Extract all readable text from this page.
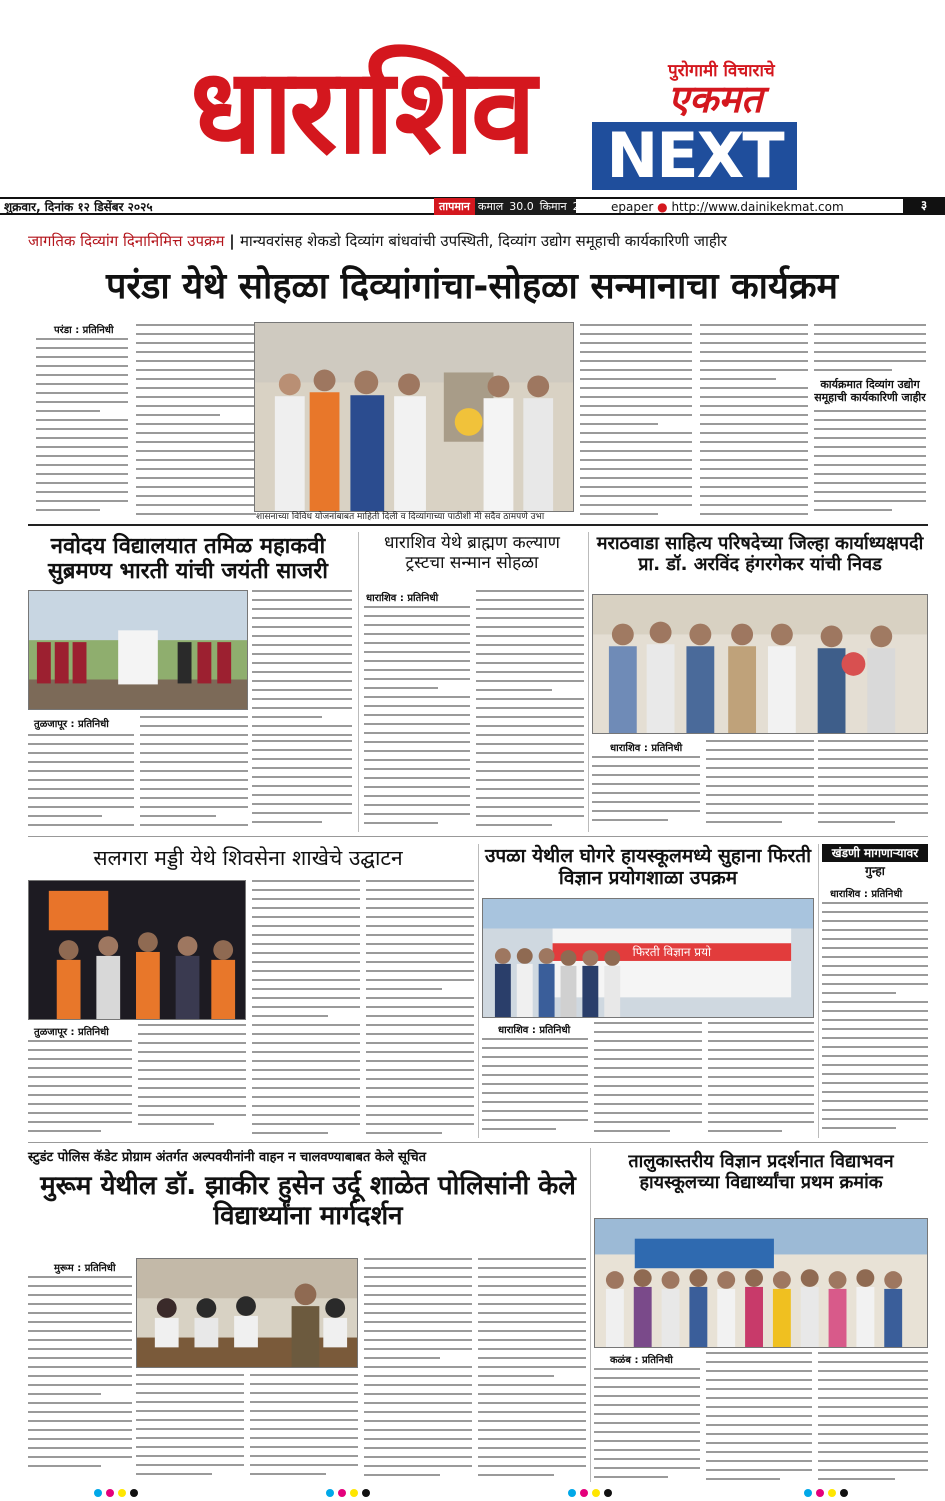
धाराशिव	पुरोगामी विचाराचे
एकमत
NEXT
शुक्रवार, दिनांक १२ डिसेंबर २०२५	तापमान कमाल 30.0 किमान 28.0 epaper ● http://www.dainikekmat.com	३
जागतिक दिव्यांग दिनानिमित्त उपक्रम | मान्यवरांसह शेकडो दिव्यांग बांधवांची उपस्थिती, दिव्यांग उद्योग समूहाची कार्यकारिणी जाहीर
परंडा येथे सोहळा दिव्यांगांचा-सोहळा सन्मानाचा कार्यक्रम
परंडा : प्रतिनिधी
शासनाच्या विविध योजनांबाबत माहिती दिली व दिव्यांगाच्या पाठीशी मी सदैव ठामपणे उभा
कार्यक्रमात दिव्यांग उद्योग समूहाची कार्यकारिणी जाहीर
नवोदय विद्यालयात तमिळ महाकवी सुब्रमण्य भारती यांची जयंती साजरी
तुळजापूर : प्रतिनिधी
धाराशिव येथे ब्राह्मण कल्याण ट्रस्टचा सन्मान सोहळा
धाराशिव : प्रतिनिधी
मराठवाडा साहित्य परिषदेच्या जिल्हा कार्याध्यक्षपदी प्रा. डॉ. अरविंद हंगरगेकर यांची निवड
धाराशिव : प्रतिनिधी
सलगरा मड्डी येथे शिवसेना शाखेचे उद्घाटन
तुळजापूर : प्रतिनिधी
उपळा येथील घोगरे हायस्कूलमध्ये सुहाना फिरती विज्ञान प्रयोगशाळा उपक्रम
फिरती विज्ञान प्रयो
धाराशिव : प्रतिनिधी
खंडणी मागणाऱ्यावर
गुन्हा
धाराशिव : प्रतिनिधी
स्टुडंट पोलिस कॅडेट प्रोग्राम अंतर्गत अल्पवयीनांनी वाहन न चालवण्याबाबत केले सूचित
मुरूम येथील डॉ. झाकीर हुसेन उर्दू शाळेत पोलिसांनी केले विद्यार्थ्यांना मार्गदर्शन
मुरूम : प्रतिनिधी
तालुकास्तरीय विज्ञान प्रदर्शनात विद्याभवन हायस्कूलच्या विद्यार्थ्यांचा प्रथम क्रमांक
कळंब : प्रतिनिधी
